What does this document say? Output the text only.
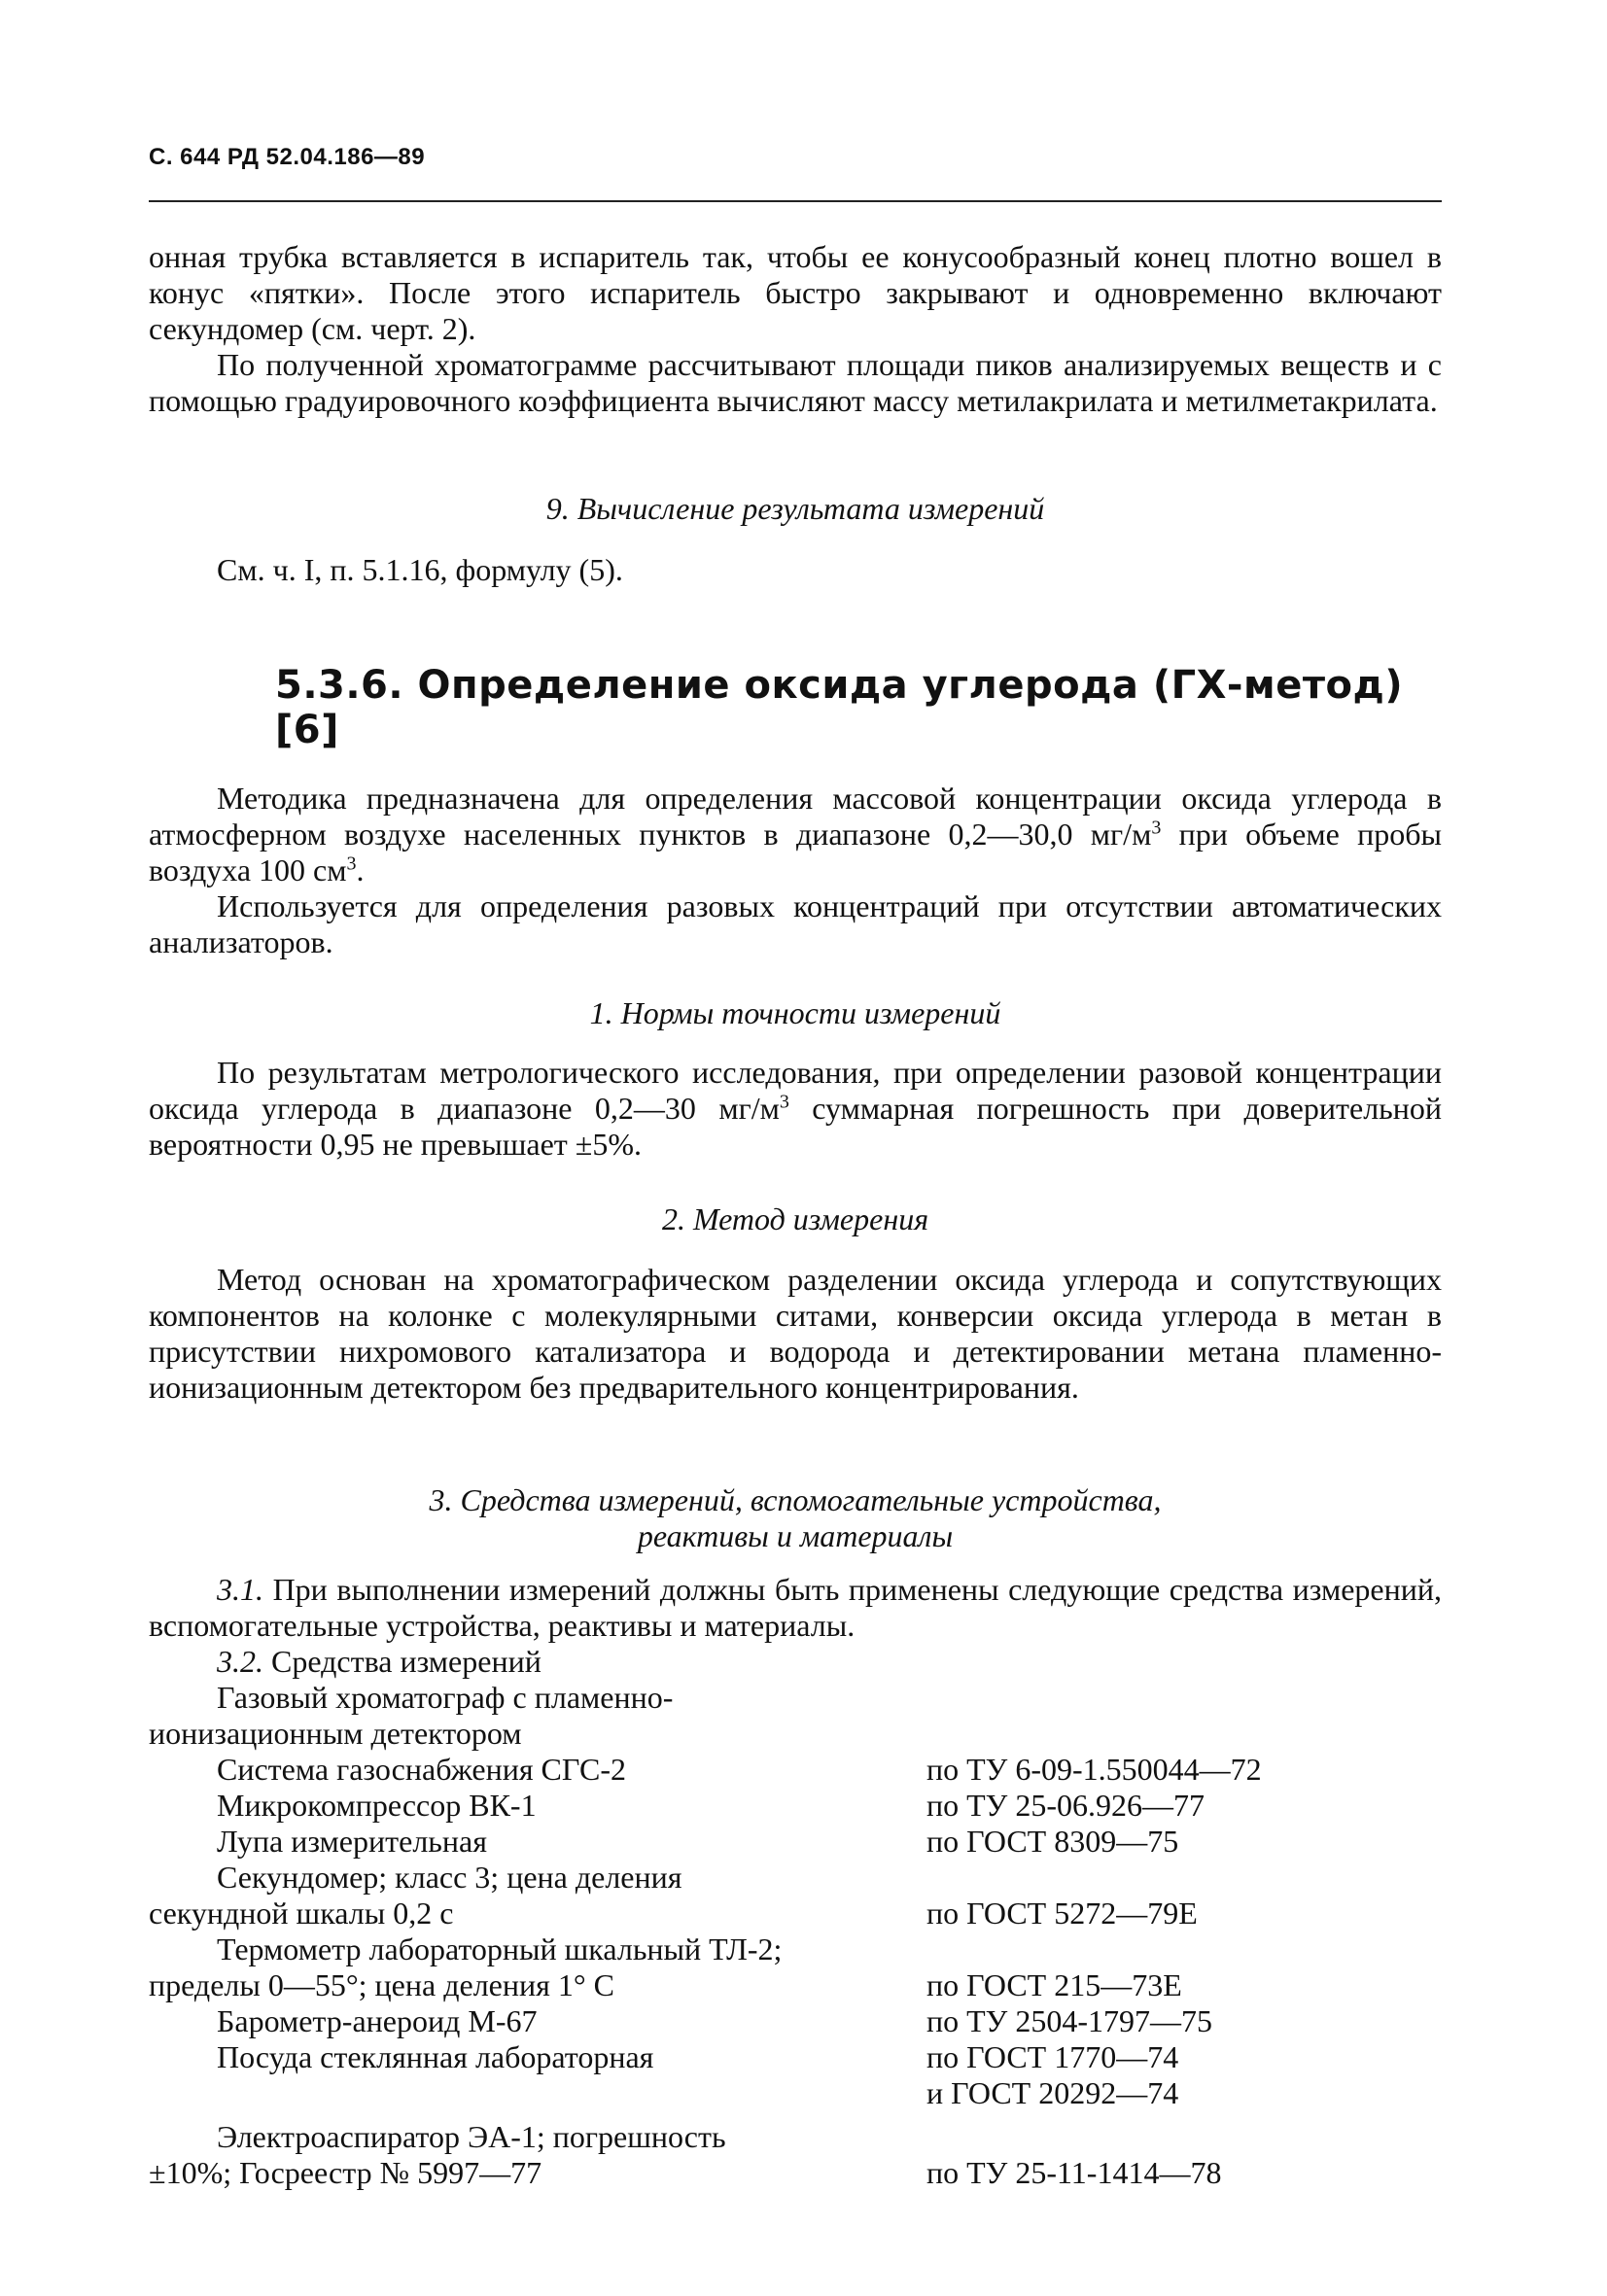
С. 644 РД 52.04.186—89

онная трубка вставляется в испаритель так, чтобы ее конусообразный конец плотно вошел в конус «пятки». После этого испаритель быстро закрывают и одновременно включают секундомер (см. черт. 2).

По полученной хроматограмме рассчитывают площади пиков анализируемых веществ и с помощью градуировочного коэффициента вычисляют массу метилакрилата и метилметакрилата.

9. Вычисление результата измерений

См. ч. I, п. 5.1.16, формулу (5).

5.3.6. Определение оксида углерода (ГХ-метод) [6]

Методика предназначена для определения массовой концентрации оксида углерода в атмосферном воздухе населенных пунктов в диапазоне 0,2—30,0 $мг/м^3$ при объеме пробы воздуха 100 $см^3$.

Используется для определения разовых концентраций при отсутствии автоматических анализаторов.

1. Нормы точности измерений

По результатам метрологического исследования, при определении разовой концентрации оксида углерода в диапазоне 0,2—30 $мг/м^3$ суммарная погрешность при доверительной вероятности 0,95 не превышает ±5%.

2. Метод измерения

Метод основан на хроматографическом разделении оксида углерода и сопутствующих компонентов на колонке с молекулярными ситами, конверсии оксида углерода в метан в присутствии нихромового катализатора и водорода и детектировании метана пламенно-ионизационным детектором без предварительного концентрирования.

3. Средства измерений, вспомогательные устройства,

реактивы и материалы

3.1. При выполнении измерений должны быть применены следующие средства измерений, вспомогательные устройства, реактивы и материалы.

3.2. Средства измерений

Газовый хроматограф с пламенно-
ионизационным детектором
Система газоснабжения СГС-2	по ТУ 6-09-1.550044—72
Микрокомпрессор ВК-1	по ТУ 25-06.926—77
Лупа измерительная	по ГОСТ 8309—75
Секундомер; класс 3; цена деления
секундной шкалы 0,2 с	по ГОСТ 5272—79Е
Термометр лабораторный шкальный ТЛ-2;
пределы 0—55°; цена деления 1° С	по ГОСТ 215—73Е
Барометр-анероид М-67	по ТУ 2504-1797—75
Посуда стеклянная лабораторная	по ГОСТ 1770—74
и ГОСТ 20292—74
Электроаспиратор ЭА-1; погрешность
±10%; Госреестр № 5997—77	по ТУ 25-11-1414—78
